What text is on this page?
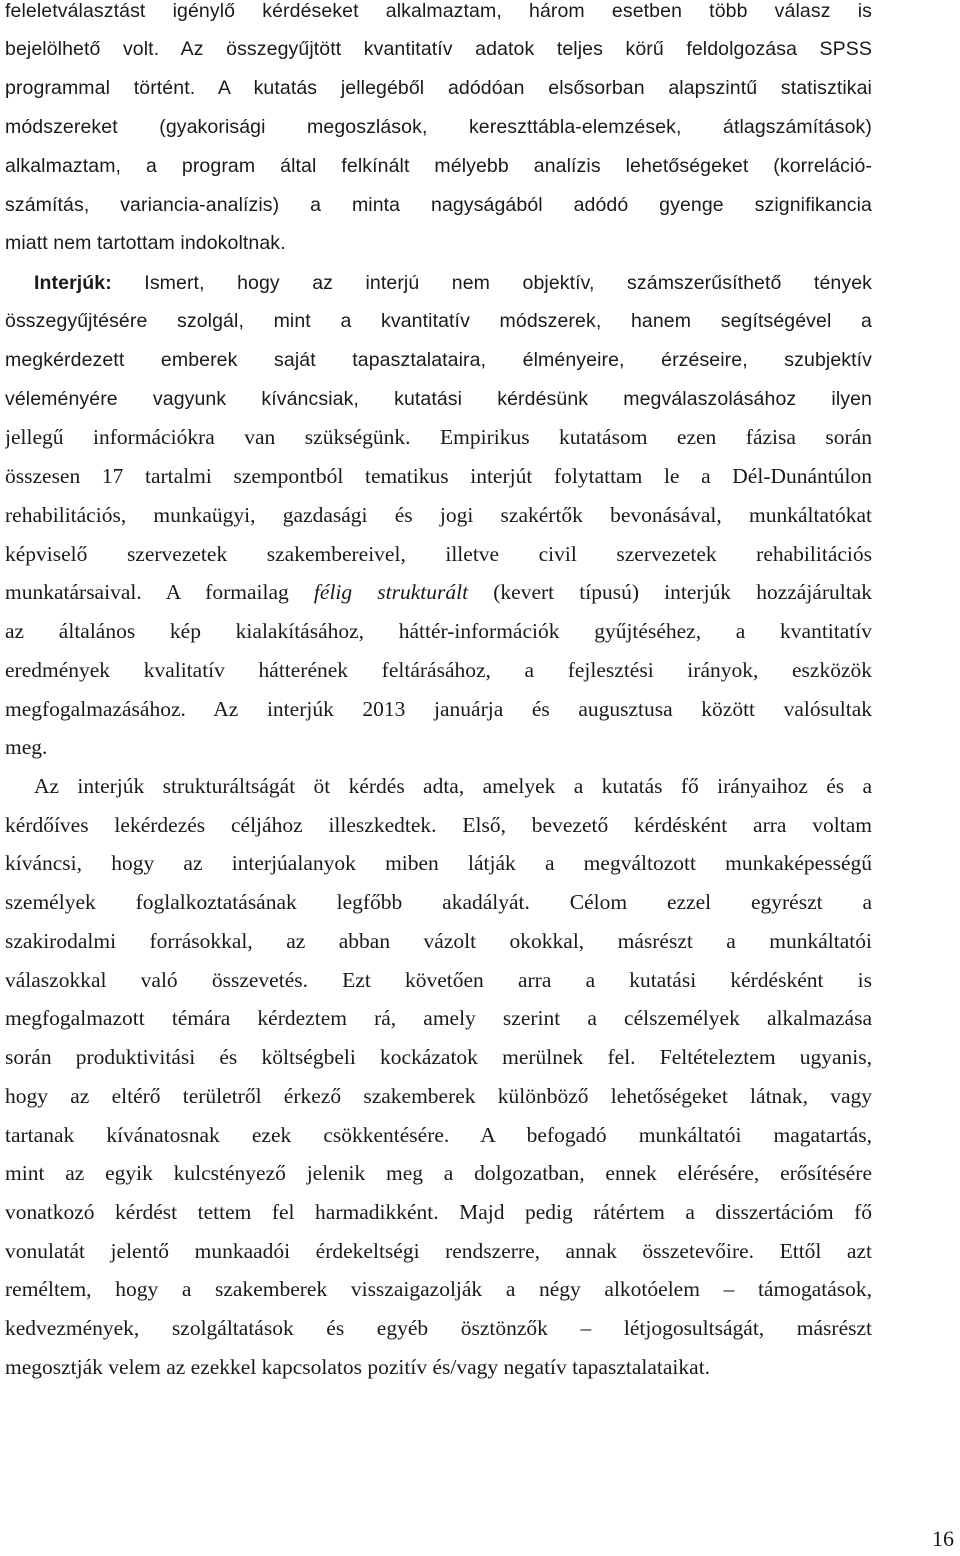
feleletválasztást igénylő kérdéseket alkalmaztam, három esetben több válasz is
bejelölhető volt. Az összegyűjtött kvantitatív adatok teljes körű feldolgozása SPSS
programmal történt. A kutatás jellegéből adódóan elsősorban alapszintű statisztikai
módszereket (gyakorisági megoszlások, kereszttábla-elemzések, átlagszámítások)
alkalmaztam, a program által felkínált mélyebb analízis lehetőségeket (korreláció-
számítás, variancia-analízis) a minta nagyságából adódó gyenge szignifikancia
miatt nem tartottam indokoltnak.
Interjúk: Ismert, hogy az interjú nem objektív, számszerűsíthető tények
összegyűjtésére szolgál, mint a kvantitatív módszerek, hanem segítségével a
megkérdezett emberek saját tapasztalataira, élményeire, érzéseire, szubjektív
véleményére vagyunk kíváncsiak, kutatási kérdésünk megválaszolásához ilyen
jellegű információkra van szükségünk. Empirikus kutatásom ezen fázisa során
összesen 17 tartalmi szempontból tematikus interjút folytattam le a Dél-Dunántúlon
rehabilitációs, munkaügyi, gazdasági és jogi szakértők bevonásával, munkáltatókat
képviselő szervezetek szakembereivel, illetve civil szervezetek rehabilitációs
munkatársaival. A formailag félig strukturált (kevert típusú) interjúk hozzájárultak
az általános kép kialakításához, háttér-információk gyűjtéséhez, a kvantitatív
eredmények kvalitatív hátterének feltárásához, a fejlesztési irányok, eszközök
megfogalmazásához. Az interjúk 2013 januárja és augusztusa között valósultak
meg.
Az interjúk strukturáltságát öt kérdés adta, amelyek a kutatás fő irányaihoz és a
kérdőíves lekérdezés céljához illeszkedtek. Első, bevezető kérdésként arra voltam
kíváncsi, hogy az interjúalanyok miben látják a megváltozott munkaképességű
személyek foglalkoztatásának legfőbb akadályát. Célom ezzel egyrészt a
szakirodalmi forrásokkal, az abban vázolt okokkal, másrészt a munkáltatói
válaszokkal való összevetés. Ezt követően arra a kutatási kérdésként is
megfogalmazott témára kérdeztem rá, amely szerint a célszemélyek alkalmazása
során produktivitási és költségbeli kockázatok merülnek fel. Feltételeztem ugyanis,
hogy az eltérő területről érkező szakemberek különböző lehetőségeket látnak, vagy
tartanak kívánatosnak ezek csökkentésére. A befogadó munkáltatói magatartás,
mint az egyik kulcstényező jelenik meg a dolgozatban, ennek elérésére, erősítésére
vonatkozó kérdést tettem fel harmadikként. Majd pedig rátértem a disszertációm fő
vonulatát jelentő munkaadói érdekeltségi rendszerre, annak összetevőire. Ettől azt
reméltem, hogy a szakemberek visszaigazolják a négy alkotóelem – támogatások,
kedvezmények, szolgáltatások és egyéb ösztönzők – létjogosultságát, másrészt
megosztják velem az ezekkel kapcsolatos pozitív és/vagy negatív tapasztalataikat.
16
